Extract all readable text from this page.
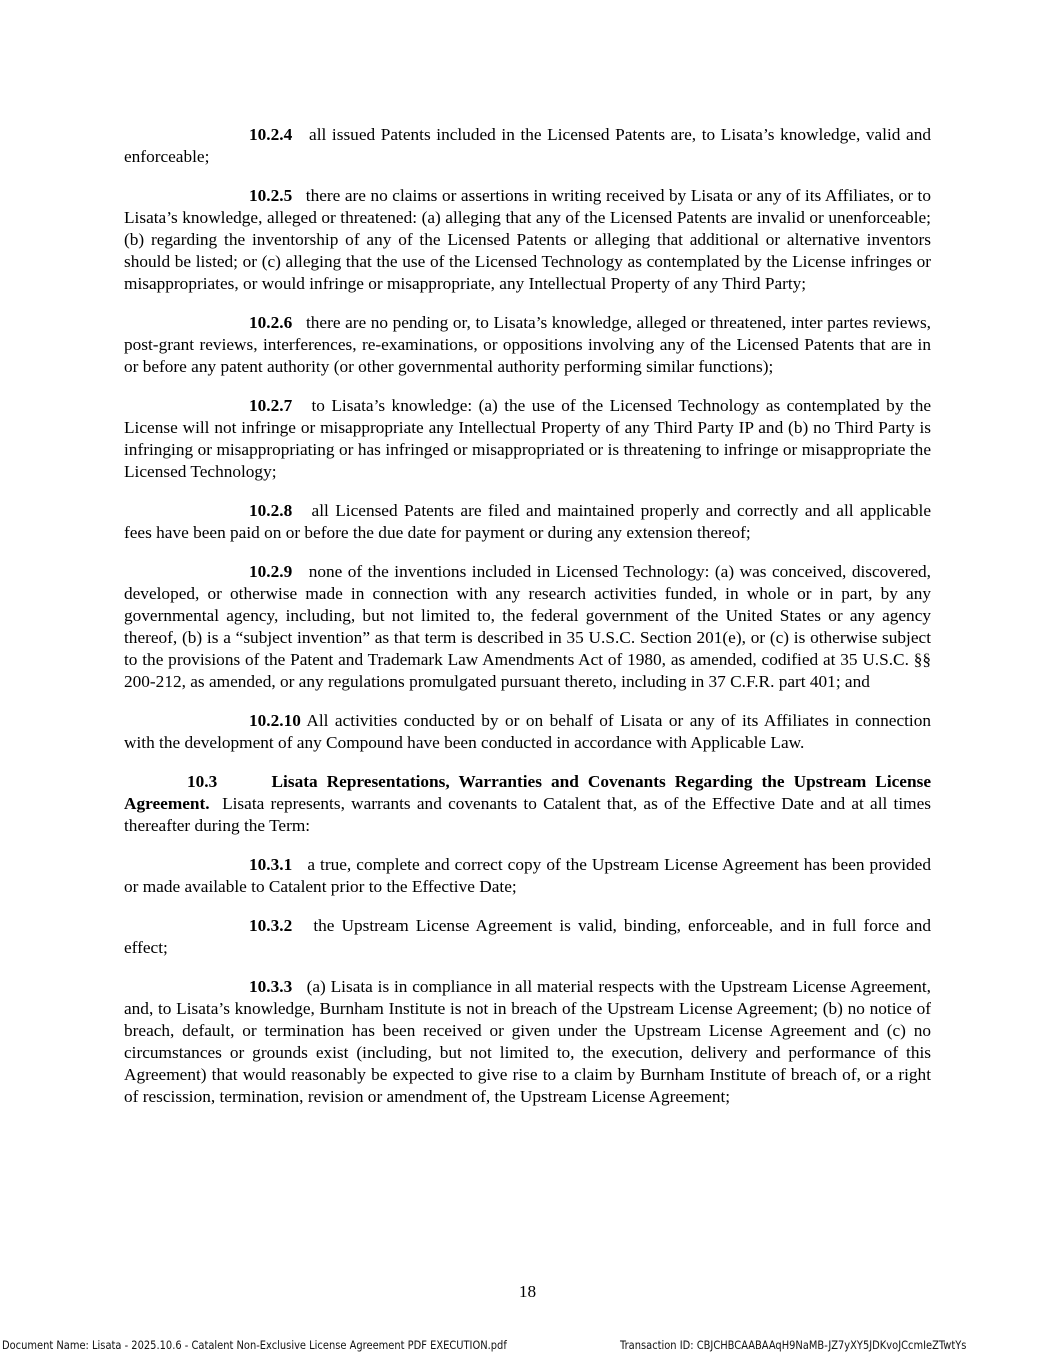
10.2.4 all issued Patents included in the Licensed Patents are, to Lisata’s knowledge, valid and enforceable;

10.2.5 there are no claims or assertions in writing received by Lisata or any of its Affiliates, or to Lisata’s knowledge, alleged or threatened: (a) alleging that any of the Licensed Patents are invalid or unenforceable; (b) regarding the inventorship of any of the Licensed Patents or alleging that additional or alternative inventors should be listed; or (c) alleging that the use of the Licensed Technology as contemplated by the License infringes or misappropriates, or would infringe or misappropriate, any Intellectual Property of any Third Party;

10.2.6 there are no pending or, to Lisata’s knowledge, alleged or threatened, inter partes reviews, post-grant reviews, interferences, re-examinations, or oppositions involving any of the Licensed Patents that are in or before any patent authority (or other governmental authority performing similar functions);

10.2.7 to Lisata’s knowledge: (a) the use of the Licensed Technology as contemplated by the License will not infringe or misappropriate any Intellectual Property of any Third Party IP and (b) no Third Party is infringing or misappropriating or has infringed or misappropriated or is threatening to infringe or misappropriate the Licensed Technology;

10.2.8 all Licensed Patents are filed and maintained properly and correctly and all applicable fees have been paid on or before the due date for payment or during any extension thereof;

10.2.9 none of the inventions included in Licensed Technology: (a) was conceived, discovered, developed, or otherwise made in connection with any research activities funded, in whole or in part, by any governmental agency, including, but not limited to, the federal government of the United States or any agency thereof, (b) is a “subject invention” as that term is described in 35 U.S.C. Section 201(e), or (c) is otherwise subject to the provisions of the Patent and Trademark Law Amendments Act of 1980, as amended, codified at 35 U.S.C. §§ 200-212, as amended, or any regulations promulgated pursuant thereto, including in 37 C.F.R. part 401; and

10.2.10 All activities conducted by or on behalf of Lisata or any of its Affiliates in connection with the development of any Compound have been conducted in accordance with Applicable Law.

10.3	Lisata Representations, Warranties and Covenants Regarding the Upstream License Agreement. Lisata represents, warrants and covenants to Catalent that, as of the Effective Date and at all times thereafter during the Term:

10.3.1 a true, complete and correct copy of the Upstream License Agreement has been provided or made available to Catalent prior to the Effective Date;

10.3.2 the Upstream License Agreement is valid, binding, enforceable, and in full force and effect;

10.3.3 (a) Lisata is in compliance in all material respects with the Upstream License Agreement, and, to Lisata’s knowledge, Burnham Institute is not in breach of the Upstream License Agreement; (b) no notice of breach, default, or termination has been received or given under the Upstream License Agreement and (c) no circumstances or grounds exist (including, but not limited to, the execution, delivery and performance of this Agreement) that would reasonably be expected to give rise to a claim by Burnham Institute of breach of, or a right of rescission, termination, revision or amendment of, the Upstream License Agreement;

18
Document Name: Lisata - 2025.10.6 - Catalent Non-Exclusive License Agreement PDF EXECUTION.pdf	Transaction ID: CBJCHBCAABAAqH9NaMB-JZ7yXY5JDKvoJCcmIeZTwtYs
